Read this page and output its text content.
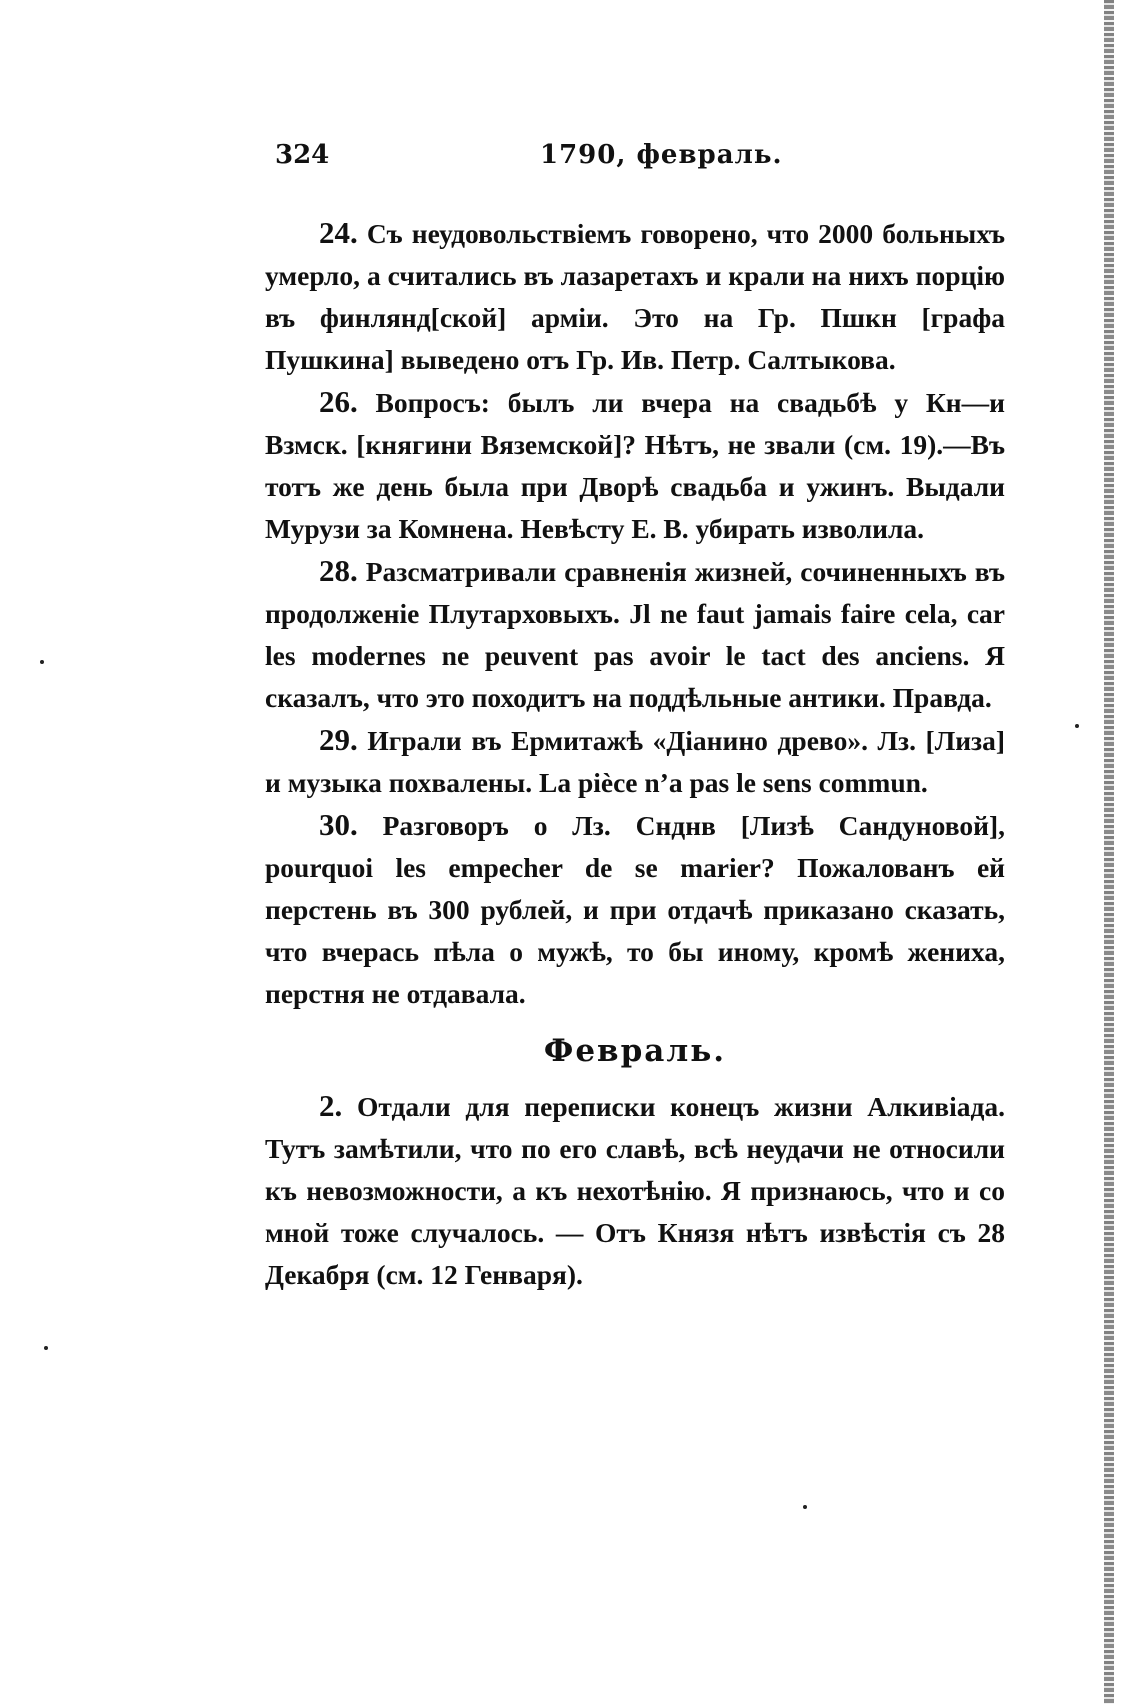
324	1790, февраль.

24. Съ неудовольствіемъ говорено, что 2000 больныхъ умерло, а считались въ лазаретахъ и крали на нихъ порцію въ финлянд[ской] арміи. Это на Гр. Пшкн [графа Пушкина] выведено отъ Гр. Ив. Петр. Салтыкова.

26. Вопросъ: былъ ли вчера на свадьбѣ у Кн—и Взмск. [княгини Вяземской]? Нѣтъ, не звали (см. 19).—Въ тотъ же день была при Дворѣ свадьба и ужинъ. Выдали Мурузи за Комнена. Невѣсту Е. В. убирать изволила.

28. Разсматривали сравненія жизней, сочиненныхъ въ продолженіе Плутарховыхъ. Jl ne faut jamais faire cela, car les modernes ne peuvent pas avoir le tact des anciens. Я сказалъ, что это походитъ на поддѣльные антики. Правда.

29. Играли въ Ермитажѣ «Діанино древо». Лз. [Лиза] и музыка похвалены. La pièce n’a pas le sens commun.

30. Разговоръ о Лз. Снднв [Лизѣ Сандуновой], pourquoi les empecher de se marier? Пожалованъ ей перстень въ 300 рублей, и при отдачѣ приказано сказать, что вчерась пѣла о мужѣ, то бы иному, кромѣ жениха, перстня не отдавала.

Февраль.

2. Отдали для переписки конецъ жизни Алкивіада. Тутъ замѣтили, что по его славѣ, всѣ неудачи не относили къ невозможности, а къ нехотѣнію. Я признаюсь, что и со мной тоже случалось. — Отъ Князя нѣтъ извѣстія съ 28 Декабря (см. 12 Генваря).
